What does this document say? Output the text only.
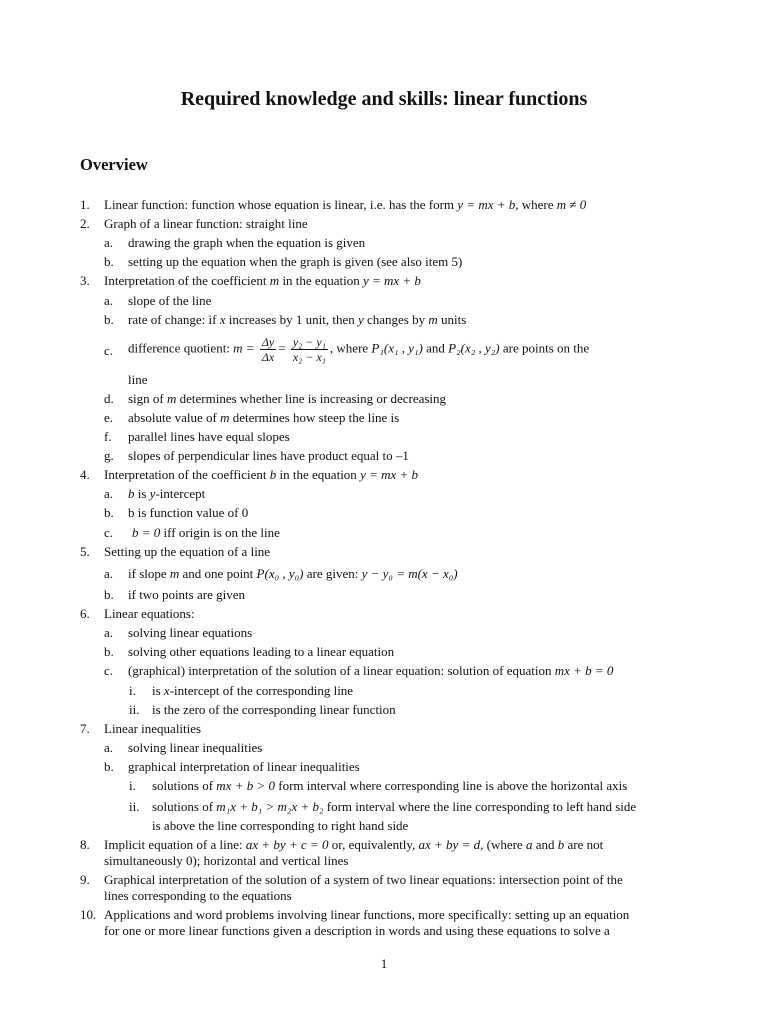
Required knowledge and skills: linear functions
Overview
1. Linear function: function whose equation is linear, i.e. has the form y = mx + b, where m ≠ 0
2. Graph of a linear function: straight line
a. drawing the graph when the equation is given
b. setting up the equation when the graph is given (see also item 5)
3. Interpretation of the coefficient m in the equation y = mx + b
a. slope of the line
b. rate of change: if x increases by 1 unit, then y changes by m units
c. difference quotient: $m = \frac{\Delta y}{\Delta x} = \frac{\text{y₂ − y₁}}{\text{x₂ − x₁}}$ , where P₁(x₁ , y₁) and P₂(x₂ , y₂) are points on the
line
d. sign of m determines whether line is increasing or decreasing
e. absolute value of m determines how steep the line is
f. parallel lines have equal slopes
g. slopes of perpendicular lines have product equal to –1
4. Interpretation of the coefficient b in the equation y = mx + b
a. b is y-intercept
b. b is function value of 0
c. b = 0 iff origin is on the line
5. Setting up the equation of a line
a. if slope m and one point P(x₀ , y₀) are given: y − y₀ = m(x − x₀)
b. if two points are given
6. Linear equations:
a. solving linear equations
b. solving other equations leading to a linear equation
c. (graphical) interpretation of the solution of a linear equation: solution of equation mx + b = 0
i. is x-intercept of the corresponding line
ii. is the zero of the corresponding linear function
7. Linear inequalities
a. solving linear inequalities
b. graphical interpretation of linear inequalities
i. solutions of mx + b > 0 form interval where corresponding line is above the horizontal axis
ii. solutions of m₁x + b₁ > m₂x + b₂ form interval where the line corresponding to left hand side
is above the line corresponding to right hand side
8. Implicit equation of a line: ax + by + c = 0 or, equivalently, ax + by = d, (where a and b are not
simultaneously 0); horizontal and vertical lines
9. Graphical interpretation of the solution of a system of two linear equations: intersection point of the
lines corresponding to the equations
10. Applications and word problems involving linear functions, more specifically: setting up an equation
for one or more linear functions given a description in words and using these equations to solve a
1
